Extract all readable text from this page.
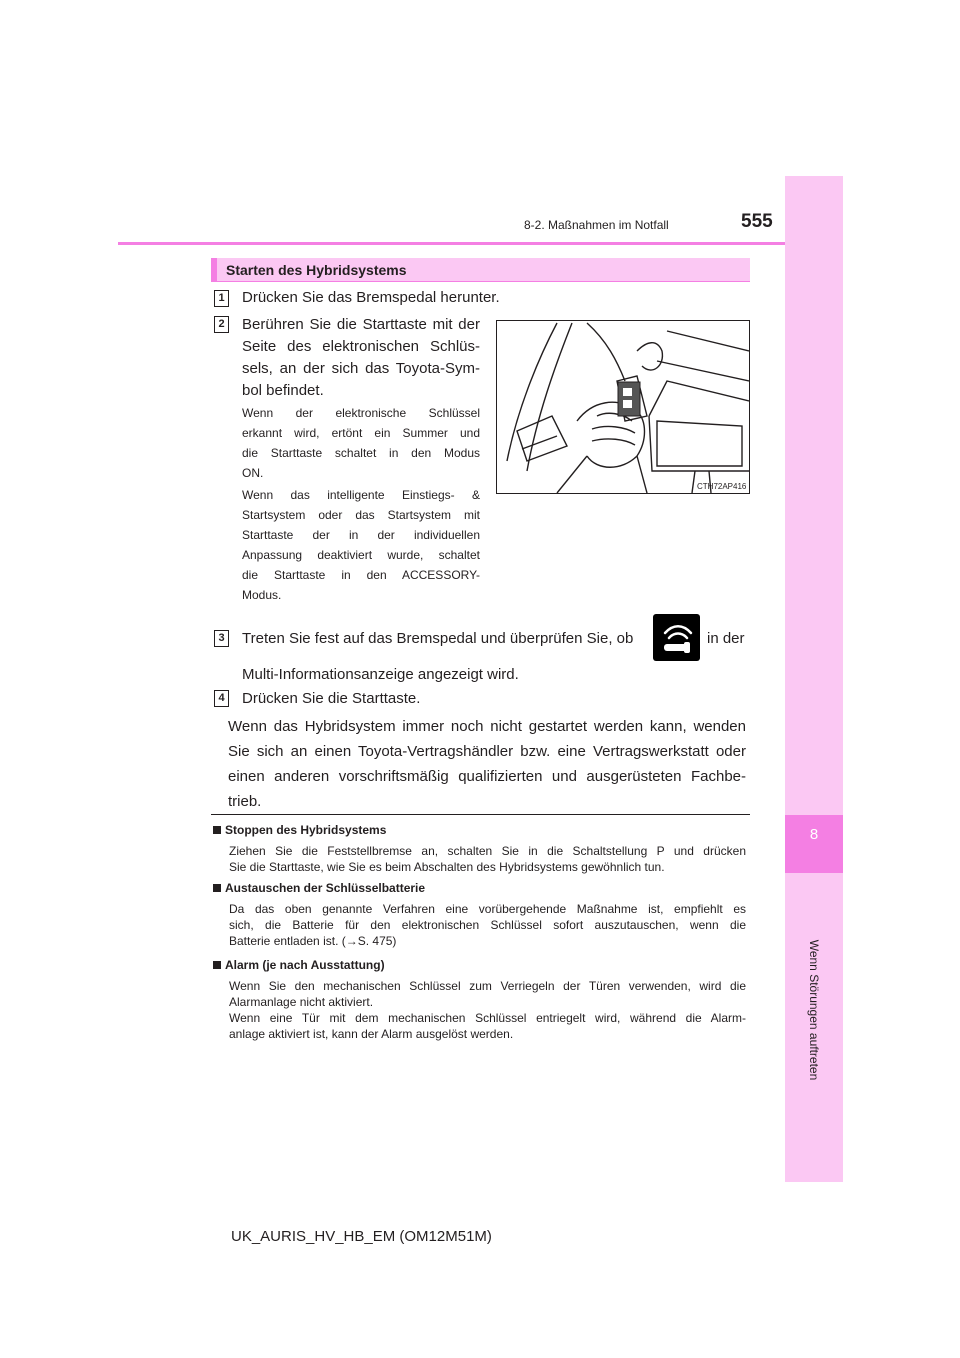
8
Wenn Störungen auftreten
8-2. Maßnahmen im Notfall	555
Starten des Hybridsystems
1 Drücken Sie das Bremspedal herunter.
2 Berühren Sie die Starttaste mit der
Seite des elektronischen Schlüs-
sels, an der sich das Toyota-Sym-
bol befindet.
Wenn der elektronische Schlüssel
erkannt wird, ertönt ein Summer und
die Starttaste schaltet in den Modus
ON.
Wenn das intelligente Einstiegs- &
Startsystem oder das Startsystem mit
Starttaste der in der individuellen
Anpassung deaktiviert wurde, schaltet
die Starttaste in den ACCESSORY-
Modus.
CTH72AP416
3 Treten Sie fest auf das Bremspedal und überprüfen Sie, ob	in der
Multi-Informationsanzeige angezeigt wird.
4 Drücken Sie die Starttaste.
Wenn das Hybridsystem immer noch nicht gestartet werden kann, wenden
Sie sich an einen Toyota-Vertragshändler bzw. eine Vertragswerkstatt oder
einen anderen vorschriftsmäßig qualifizierten und ausgerüsteten Fachbe-
trieb.
Stoppen des Hybridsystems
Ziehen Sie die Feststellbremse an, schalten Sie in die Schaltstellung P und drücken
Sie die Starttaste, wie Sie es beim Abschalten des Hybridsystems gewöhnlich tun.
Austauschen der Schlüsselbatterie
Da das oben genannte Verfahren eine vorübergehende Maßnahme ist, empfiehlt es
sich, die Batterie für den elektronischen Schlüssel sofort auszutauschen, wenn die
Batterie entladen ist. (→S. 475)
Alarm (je nach Ausstattung)
Wenn Sie den mechanischen Schlüssel zum Verriegeln der Türen verwenden, wird die
Alarmanlage nicht aktiviert.
Wenn eine Tür mit dem mechanischen Schlüssel entriegelt wird, während die Alarm-
anlage aktiviert ist, kann der Alarm ausgelöst werden.
UK_AURIS_HV_HB_EM (OM12M51M)
